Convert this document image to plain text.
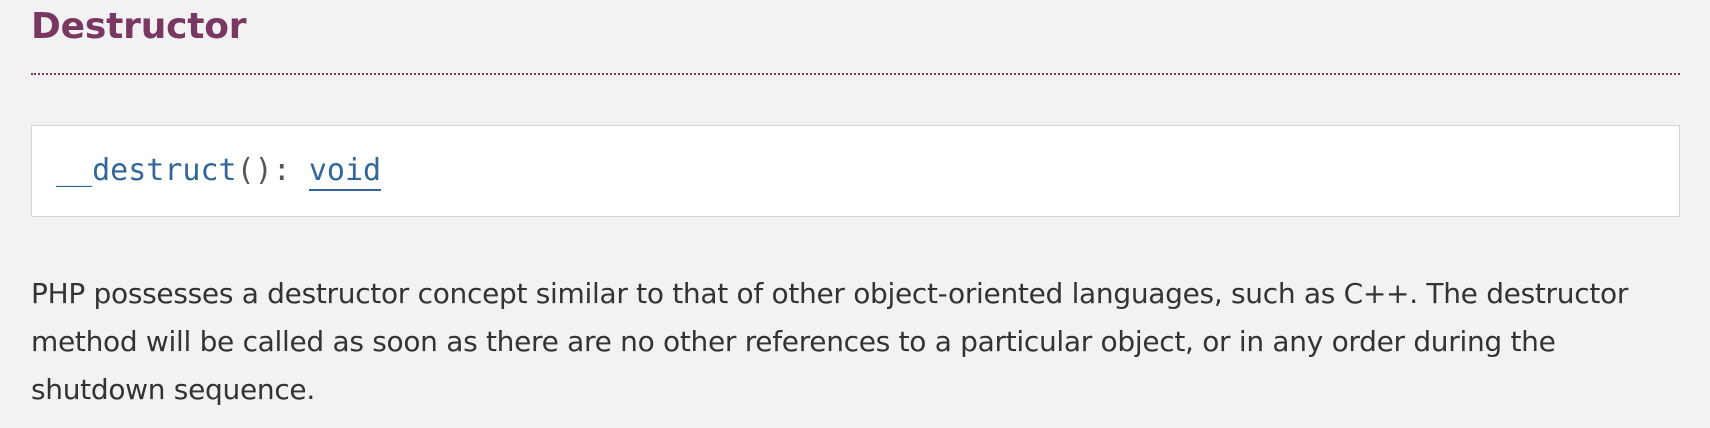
Destructor
__destruct(): void

PHP possesses a destructor concept similar to that of other object-oriented languages, such as C++. The destructor method will be called as soon as there are no other references to a particular object, or in any order during the shutdown sequence.
